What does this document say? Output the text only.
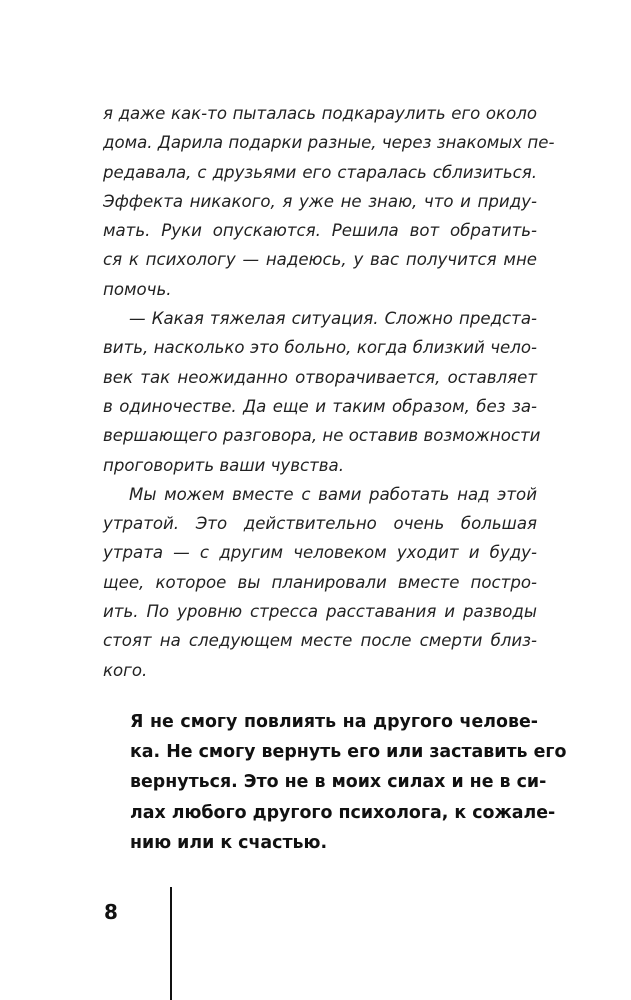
я даже как-то пыталась подкараулить его около
дома. Дарила подарки разные, через знакомых пе-
редавала, с друзьями его старалась сблизиться.
Эффекта никакого, я уже не знаю, что и приду-
мать. Руки опускаются. Решила вот обратить-
ся к психологу — надеюсь, у вас получится мне
помочь.
— Какая тяжелая ситуация. Сложно предста-
вить, насколько это больно, когда близкий чело-
век так неожиданно отворачивается, оставляет
в одиночестве. Да еще и таким образом, без за-
вершающего разговора, не оставив возможности
проговорить ваши чувства.
Мы можем вместе с вами работать над этой
утратой. Это действительно очень большая
утрата — с другим человеком уходит и буду-
щее, которое вы планировали вместе постро-
ить. По уровню стресса расставания и разводы
стоят на следующем месте после смерти близ-
кого.
Я не смогу повлиять на другого челове-
ка. Не смогу вернуть его или заставить его
вернуться. Это не в моих силах и не в си-
лах любого другого психолога, к сожале-
нию или к счастью.
8
